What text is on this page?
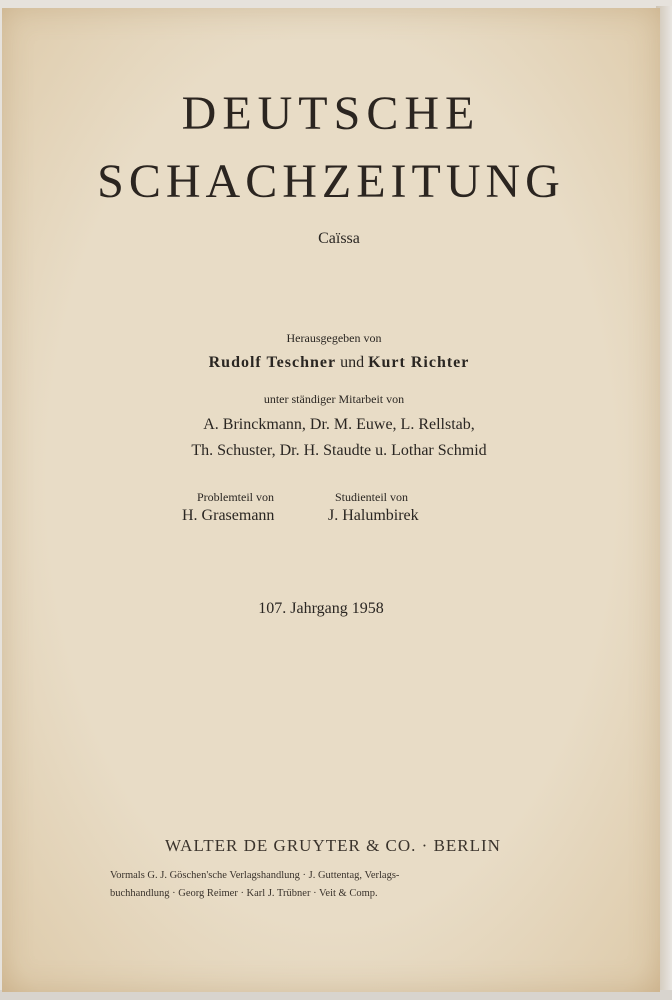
DEUTSCHE
SCHACHZEITUNG
Caïssa
Herausgegeben von
Rudolf Teschner und Kurt Richter
unter ständiger Mitarbeit von
A. Brinckmann, Dr. M. Euwe, L. Rellstab,
Th. Schuster, Dr. H. Staudte u. Lothar Schmid
Problemteil von	Studienteil von
H. Grasemann	J. Halumbirek
107. Jahrgang 1958
WALTER DE GRUYTER & CO. · BERLIN
Vormals G. J. Göschen'sche Verlagshandlung · J. Guttentag, Verlags-
buchhandlung · Georg Reimer · Karl J. Trübner · Veit & Comp.
